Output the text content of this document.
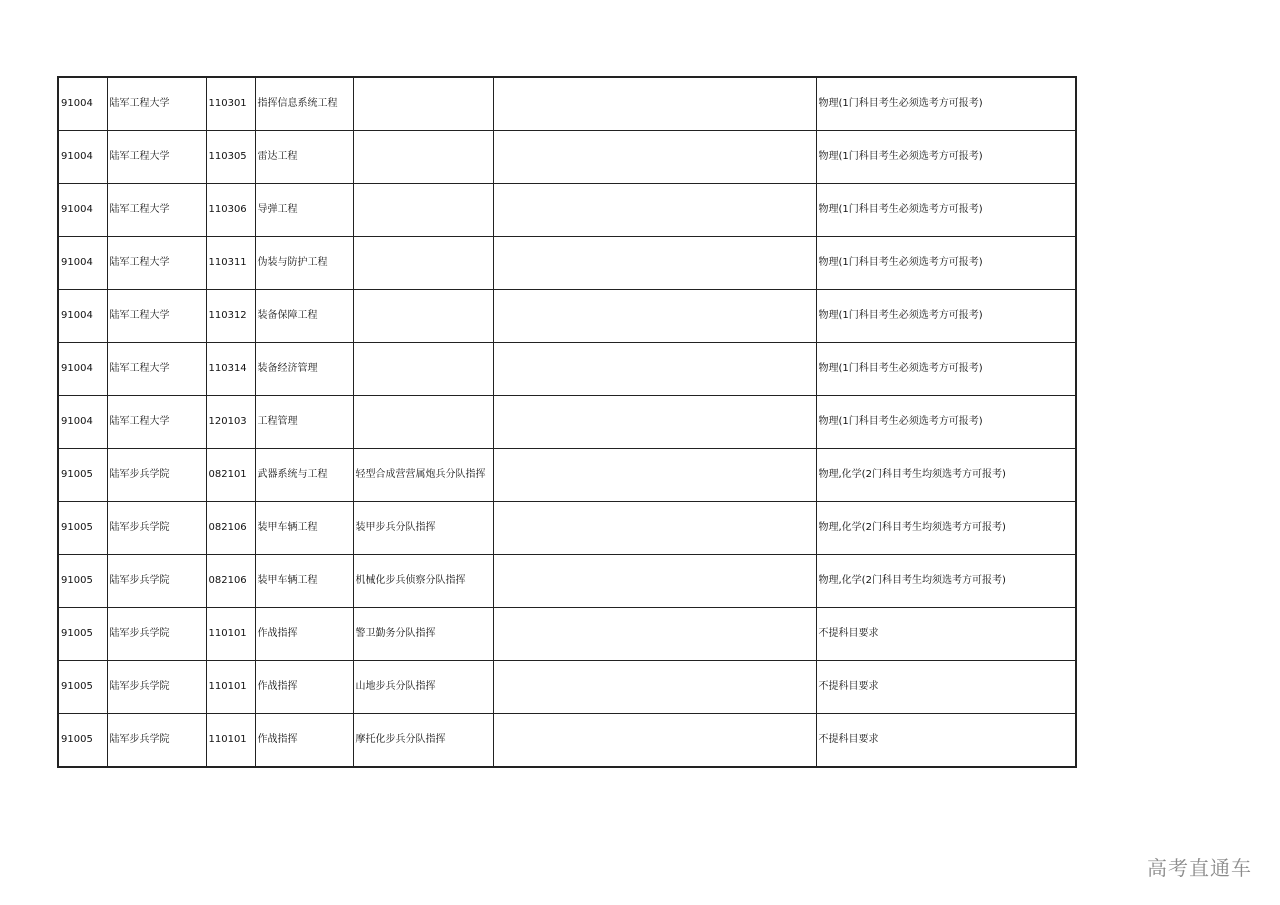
91004	陆军工程大学	110301	指挥信息系统工程			物理(1门科目考生必须选考方可报考)
91004	陆军工程大学	110305	雷达工程			物理(1门科目考生必须选考方可报考)
91004	陆军工程大学	110306	导弹工程			物理(1门科目考生必须选考方可报考)
91004	陆军工程大学	110311	伪装与防护工程			物理(1门科目考生必须选考方可报考)
91004	陆军工程大学	110312	装备保障工程			物理(1门科目考生必须选考方可报考)
91004	陆军工程大学	110314	装备经济管理			物理(1门科目考生必须选考方可报考)
91004	陆军工程大学	120103	工程管理			物理(1门科目考生必须选考方可报考)
91005	陆军步兵学院	082101	武器系统与工程	轻型合成营营属炮兵分队指挥		物理,化学(2门科目考生均须选考方可报考)
91005	陆军步兵学院	082106	装甲车辆工程	装甲步兵分队指挥		物理,化学(2门科目考生均须选考方可报考)
91005	陆军步兵学院	082106	装甲车辆工程	机械化步兵侦察分队指挥		物理,化学(2门科目考生均须选考方可报考)
91005	陆军步兵学院	110101	作战指挥	警卫勤务分队指挥		不提科目要求
91005	陆军步兵学院	110101	作战指挥	山地步兵分队指挥		不提科目要求
91005	陆军步兵学院	110101	作战指挥	摩托化步兵分队指挥		不提科目要求
高考直通车
